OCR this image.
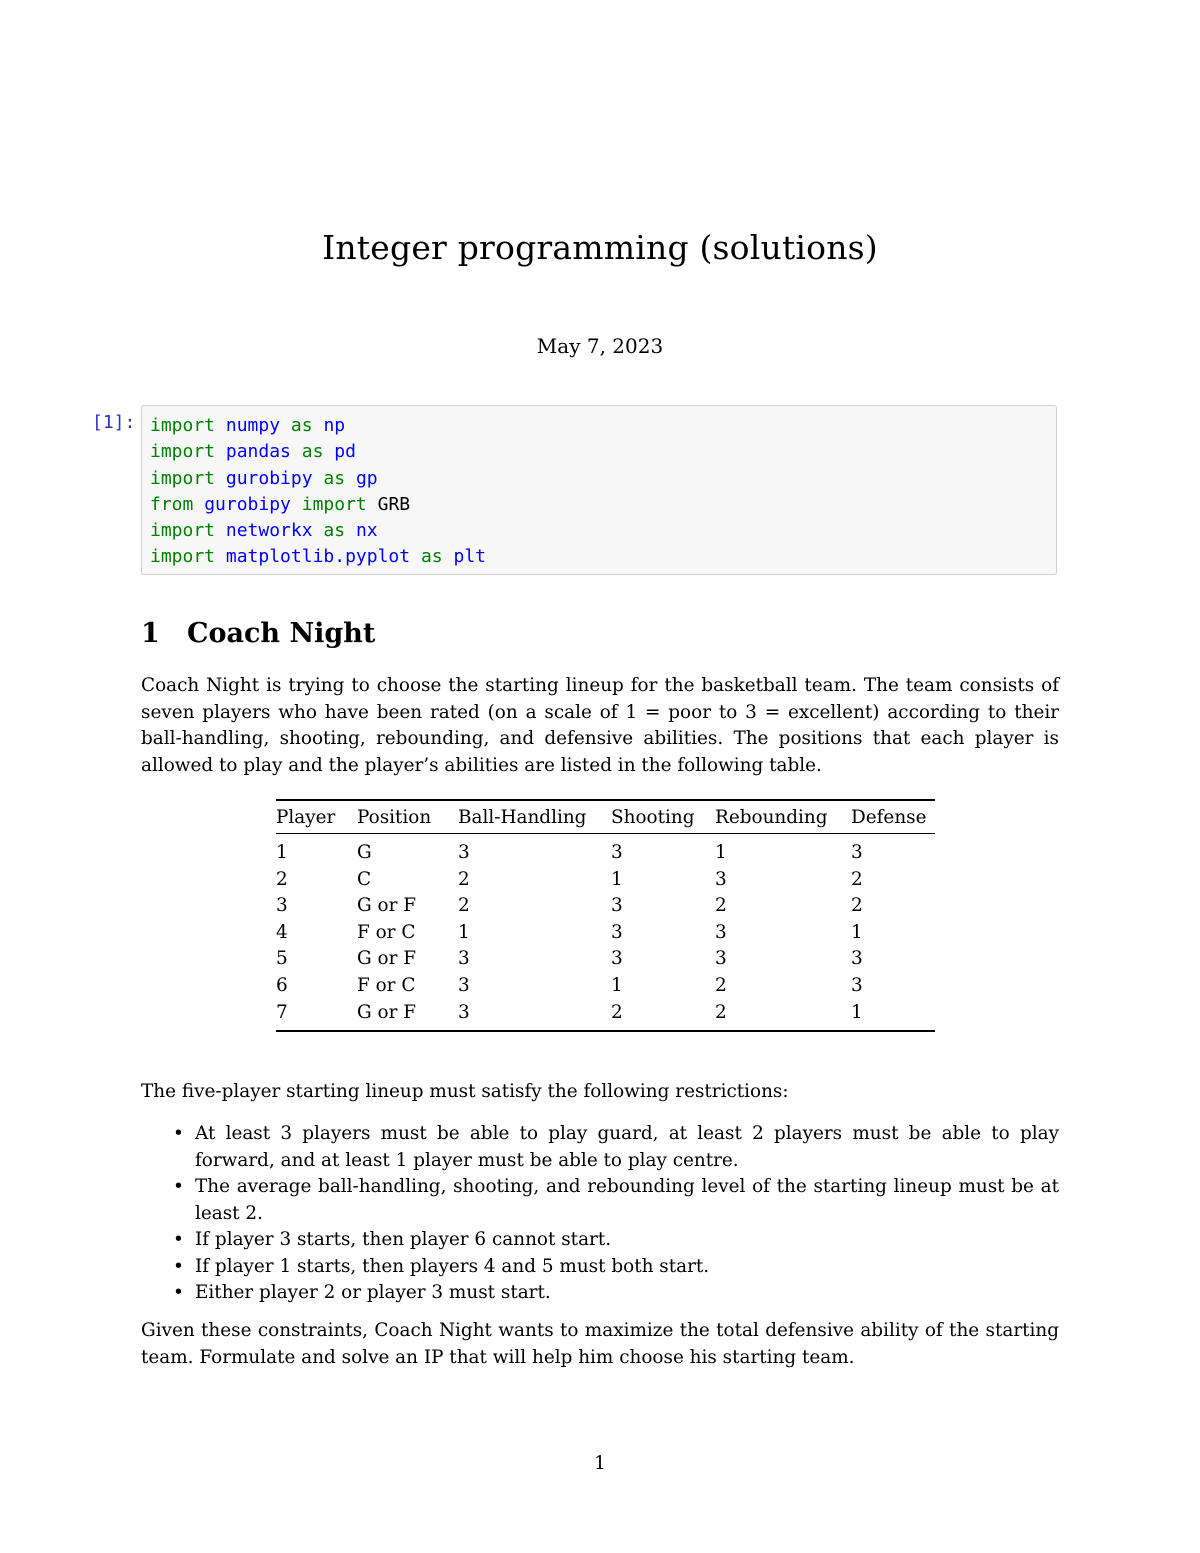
Integer programming (solutions)
May 7, 2023
[1]: import numpy as np
import pandas as pd
import gurobipy as gp
from gurobipy import GRB
import networkx as nx
import matplotlib.pyplot as plt
1 Coach Night
Coach Night is trying to choose the starting lineup for the basketball team. The team consists of seven players who have been rated (on a scale of 1 = poor to 3 = excellent) according to their ball-handling, shooting, rebounding, and defensive abilities. The positions that each player is allowed to play and the player’s abilities are listed in the following table.
Player	Position	Ball-Handling	Shooting	Rebounding	Defense
1	G	3	3	1	3
2	C	2	1	3	2
3	G or F	2	3	2	2
4	F or C	1	3	3	1
5	G or F	3	3	3	3
6	F or C	3	1	2	3
7	G or F	3	2	2	1
The five-player starting lineup must satisfy the following restrictions:
• At least 3 players must be able to play guard, at least 2 players must be able to play forward, and at least 1 player must be able to play centre.
• The average ball-handling, shooting, and rebounding level of the starting lineup must be at least 2.
• If player 3 starts, then player 6 cannot start.
• If player 1 starts, then players 4 and 5 must both start.
• Either player 2 or player 3 must start.
Given these constraints, Coach Night wants to maximize the total defensive ability of the starting team. Formulate and solve an IP that will help him choose his starting team.
1
